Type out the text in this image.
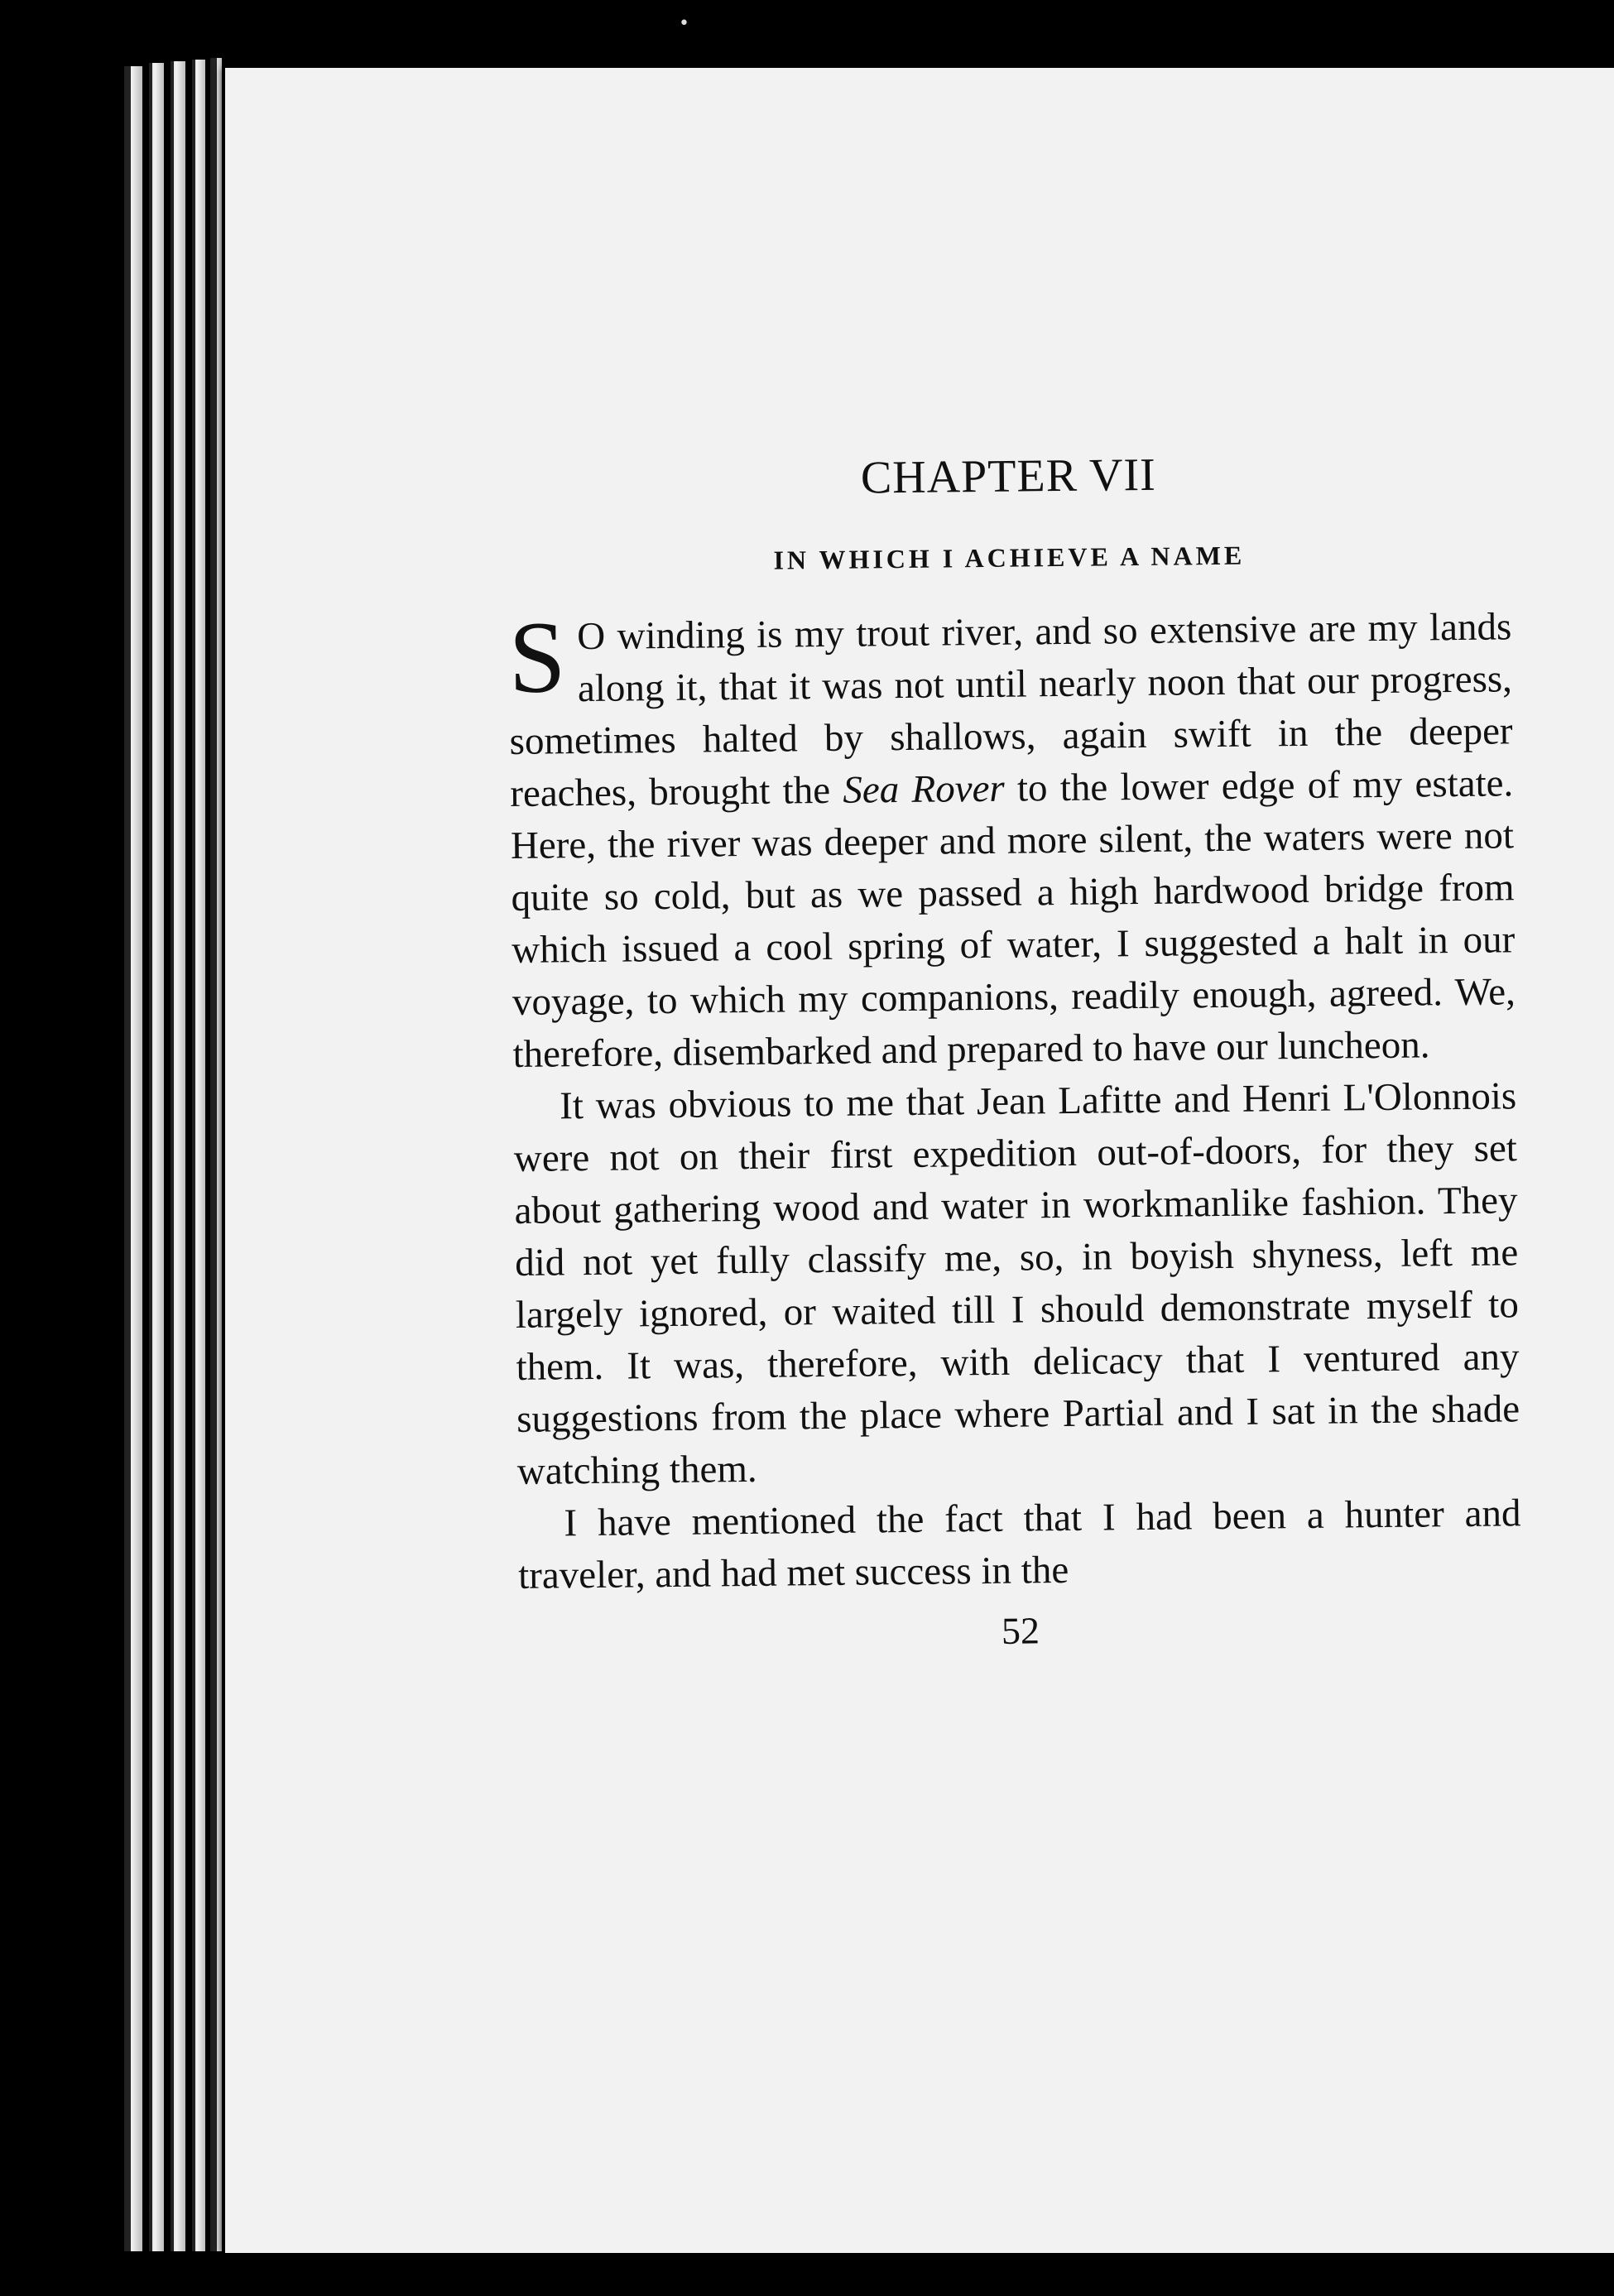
•
CHAPTER VII
IN WHICH I ACHIEVE A NAME

S O winding is my trout river, and so extensive are my lands along it, that it was not until nearly noon that our progress, sometimes halted by shallows, again swift in the deeper reaches, brought the Sea Rover to the lower edge of my estate. Here, the river was deeper and more silent, the waters were not quite so cold, but as we passed a high hardwood bridge from which issued a cool spring of water, I suggested a halt in our voyage, to which my companions, readily enough, agreed. We, therefore, disembarked and prepared to have our luncheon.

It was obvious to me that Jean Lafitte and Henri L'Olonnois were not on their first expedition out-of-doors, for they set about gathering wood and water in workmanlike fashion. They did not yet fully classify me, so, in boyish shyness, left me largely ignored, or waited till I should demonstrate myself to them. It was, therefore, with delicacy that I ventured any suggestions from the place where Partial and I sat in the shade watching them.

I have mentioned the fact that I had been a hunter and traveler, and had met success in the

52
